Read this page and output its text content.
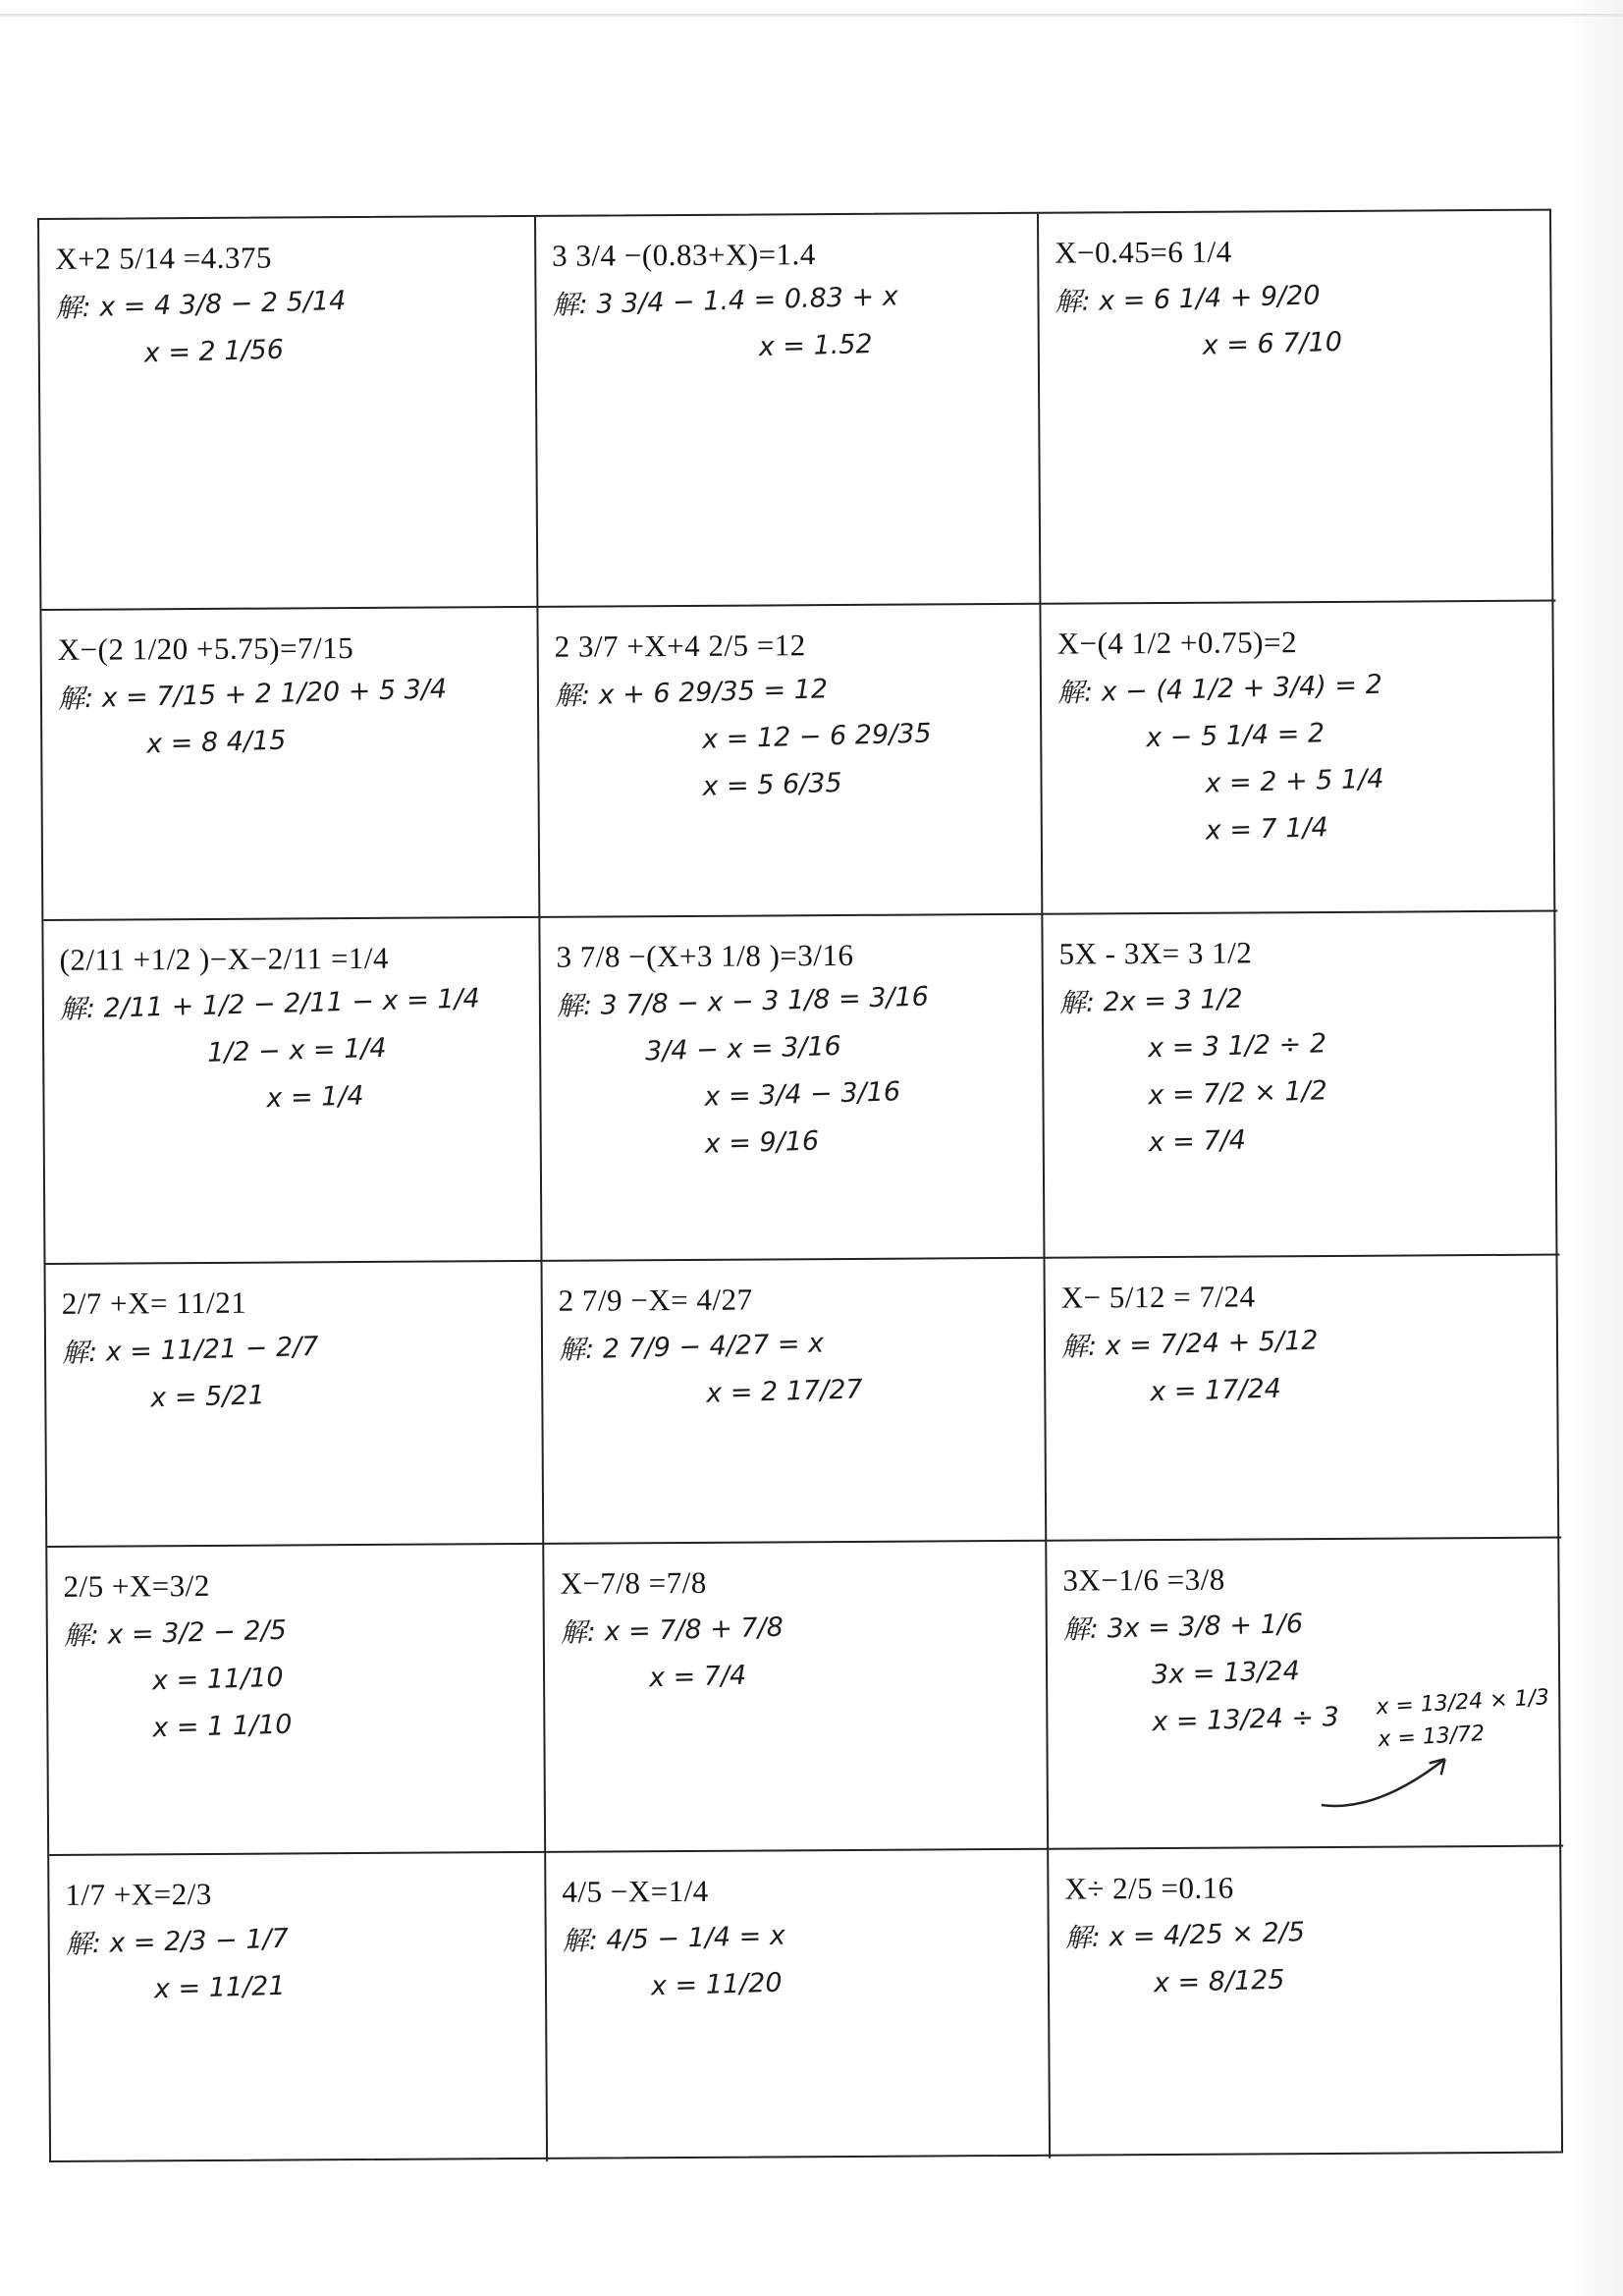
X+2 5/14 =4.375
解: x = 4 3/8 − 2 5/14
x = 2 1/56
3 3/4 −(0.83+X)=1.4
解: 3 3/4 − 1.4 = 0.83 + x
x = 1.52
X−0.45=6 1/4
解: x = 6 1/4 + 9/20
x = 6 7/10
X−(2 1/20 +5.75)=7/15
解: x = 7/15 + 2 1/20 + 5 3/4
x = 8 4/15
2 3/7 +X+4 2/5 =12
解: x + 6 29/35 = 12
x = 12 − 6 29/35
x = 5 6/35
X−(4 1/2 +0.75)=2
解: x − (4 1/2 + 3/4) = 2
x − 5 1/4 = 2
x = 2 + 5 1/4
x = 7 1/4
(2/11 +1/2 )−X−2/11 =1/4
解: 2/11 + 1/2 − 2/11 − x = 1/4
1/2 − x = 1/4
x = 1/4
3 7/8 −(X+3 1/8 )=3/16
解: 3 7/8 − x − 3 1/8 = 3/16
3/4 − x = 3/16
x = 3/4 − 3/16
x = 9/16
5X - 3X= 3 1/2
解: 2x = 3 1/2
x = 3 1/2 ÷ 2
x = 7/2 × 1/2
x = 7/4
2/7 +X= 11/21
解: x = 11/21 − 2/7
x = 5/21
2 7/9 −X= 4/27
解: 2 7/9 − 4/27 = x
x = 2 17/27
X− 5/12 = 7/24
解: x = 7/24 + 5/12
x = 17/24
2/5 +X=3/2
解: x = 3/2 − 2/5
x = 11/10
x = 1 1/10
X−7/8 =7/8
解: x = 7/8 + 7/8
x = 7/4
3X−1/6 =3/8
解: 3x = 3/8 + 1/6
3x = 13/24
x = 13/24 ÷ 3	x = 13/24 × 1/3
x = 13/72
1/7 +X=2/3
解: x = 2/3 − 1/7
x = 11/21
4/5 −X=1/4
解: 4/5 − 1/4 = x
x = 11/20
X÷ 2/5 =0.16
解: x = 4/25 × 2/5
x = 8/125
